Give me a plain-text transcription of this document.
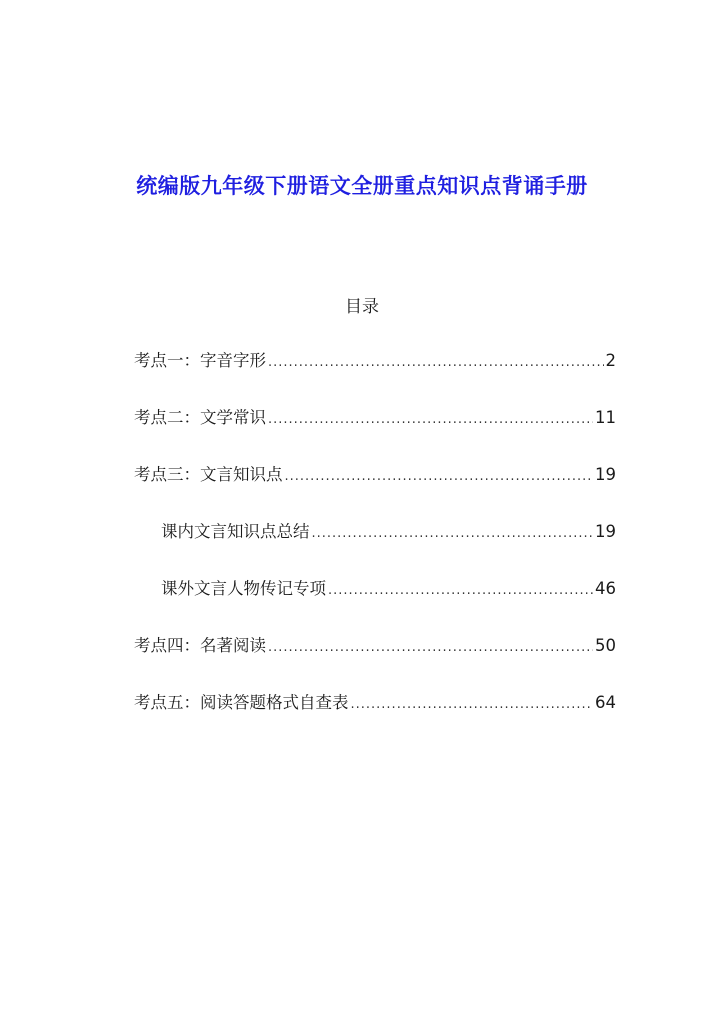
统编版九年级下册语文全册重点知识点背诵手册
目录
考点一：字音字形 .....	2
考点二：文学常识 .....	11
考点三：文言知识点 .....	19
课内文言知识点总结 .....	19
课外文言人物传记专项 .....	46
考点四：名著阅读 .....	50
考点五：阅读答题格式自查表 .....	64
